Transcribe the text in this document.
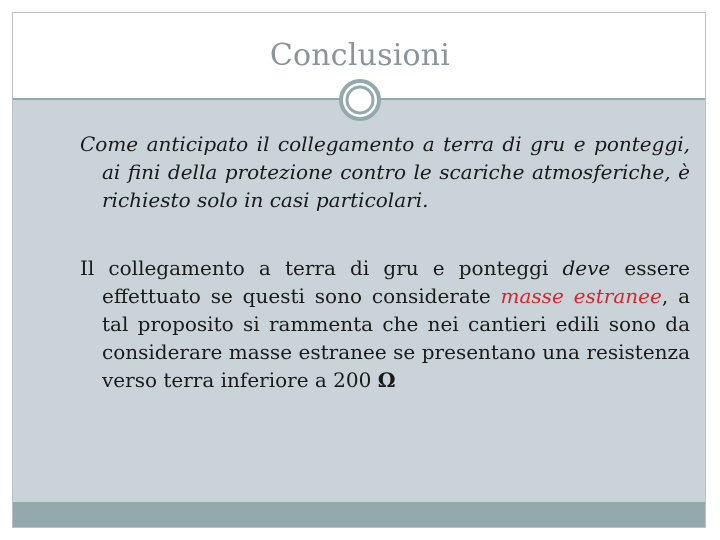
Conclusioni
Come anticipato il collegamento a terra di gru e ponteggi, ai fini della protezione contro le scariche atmosferiche, è richiesto solo in casi particolari.
Il collegamento a terra di gru e ponteggi deve essere effettuato se questi sono considerate masse estranee, a tal proposito si rammenta che nei cantieri edili sono da considerare masse estranee se presentano una resistenza verso terra inferiore a 200 Ω
